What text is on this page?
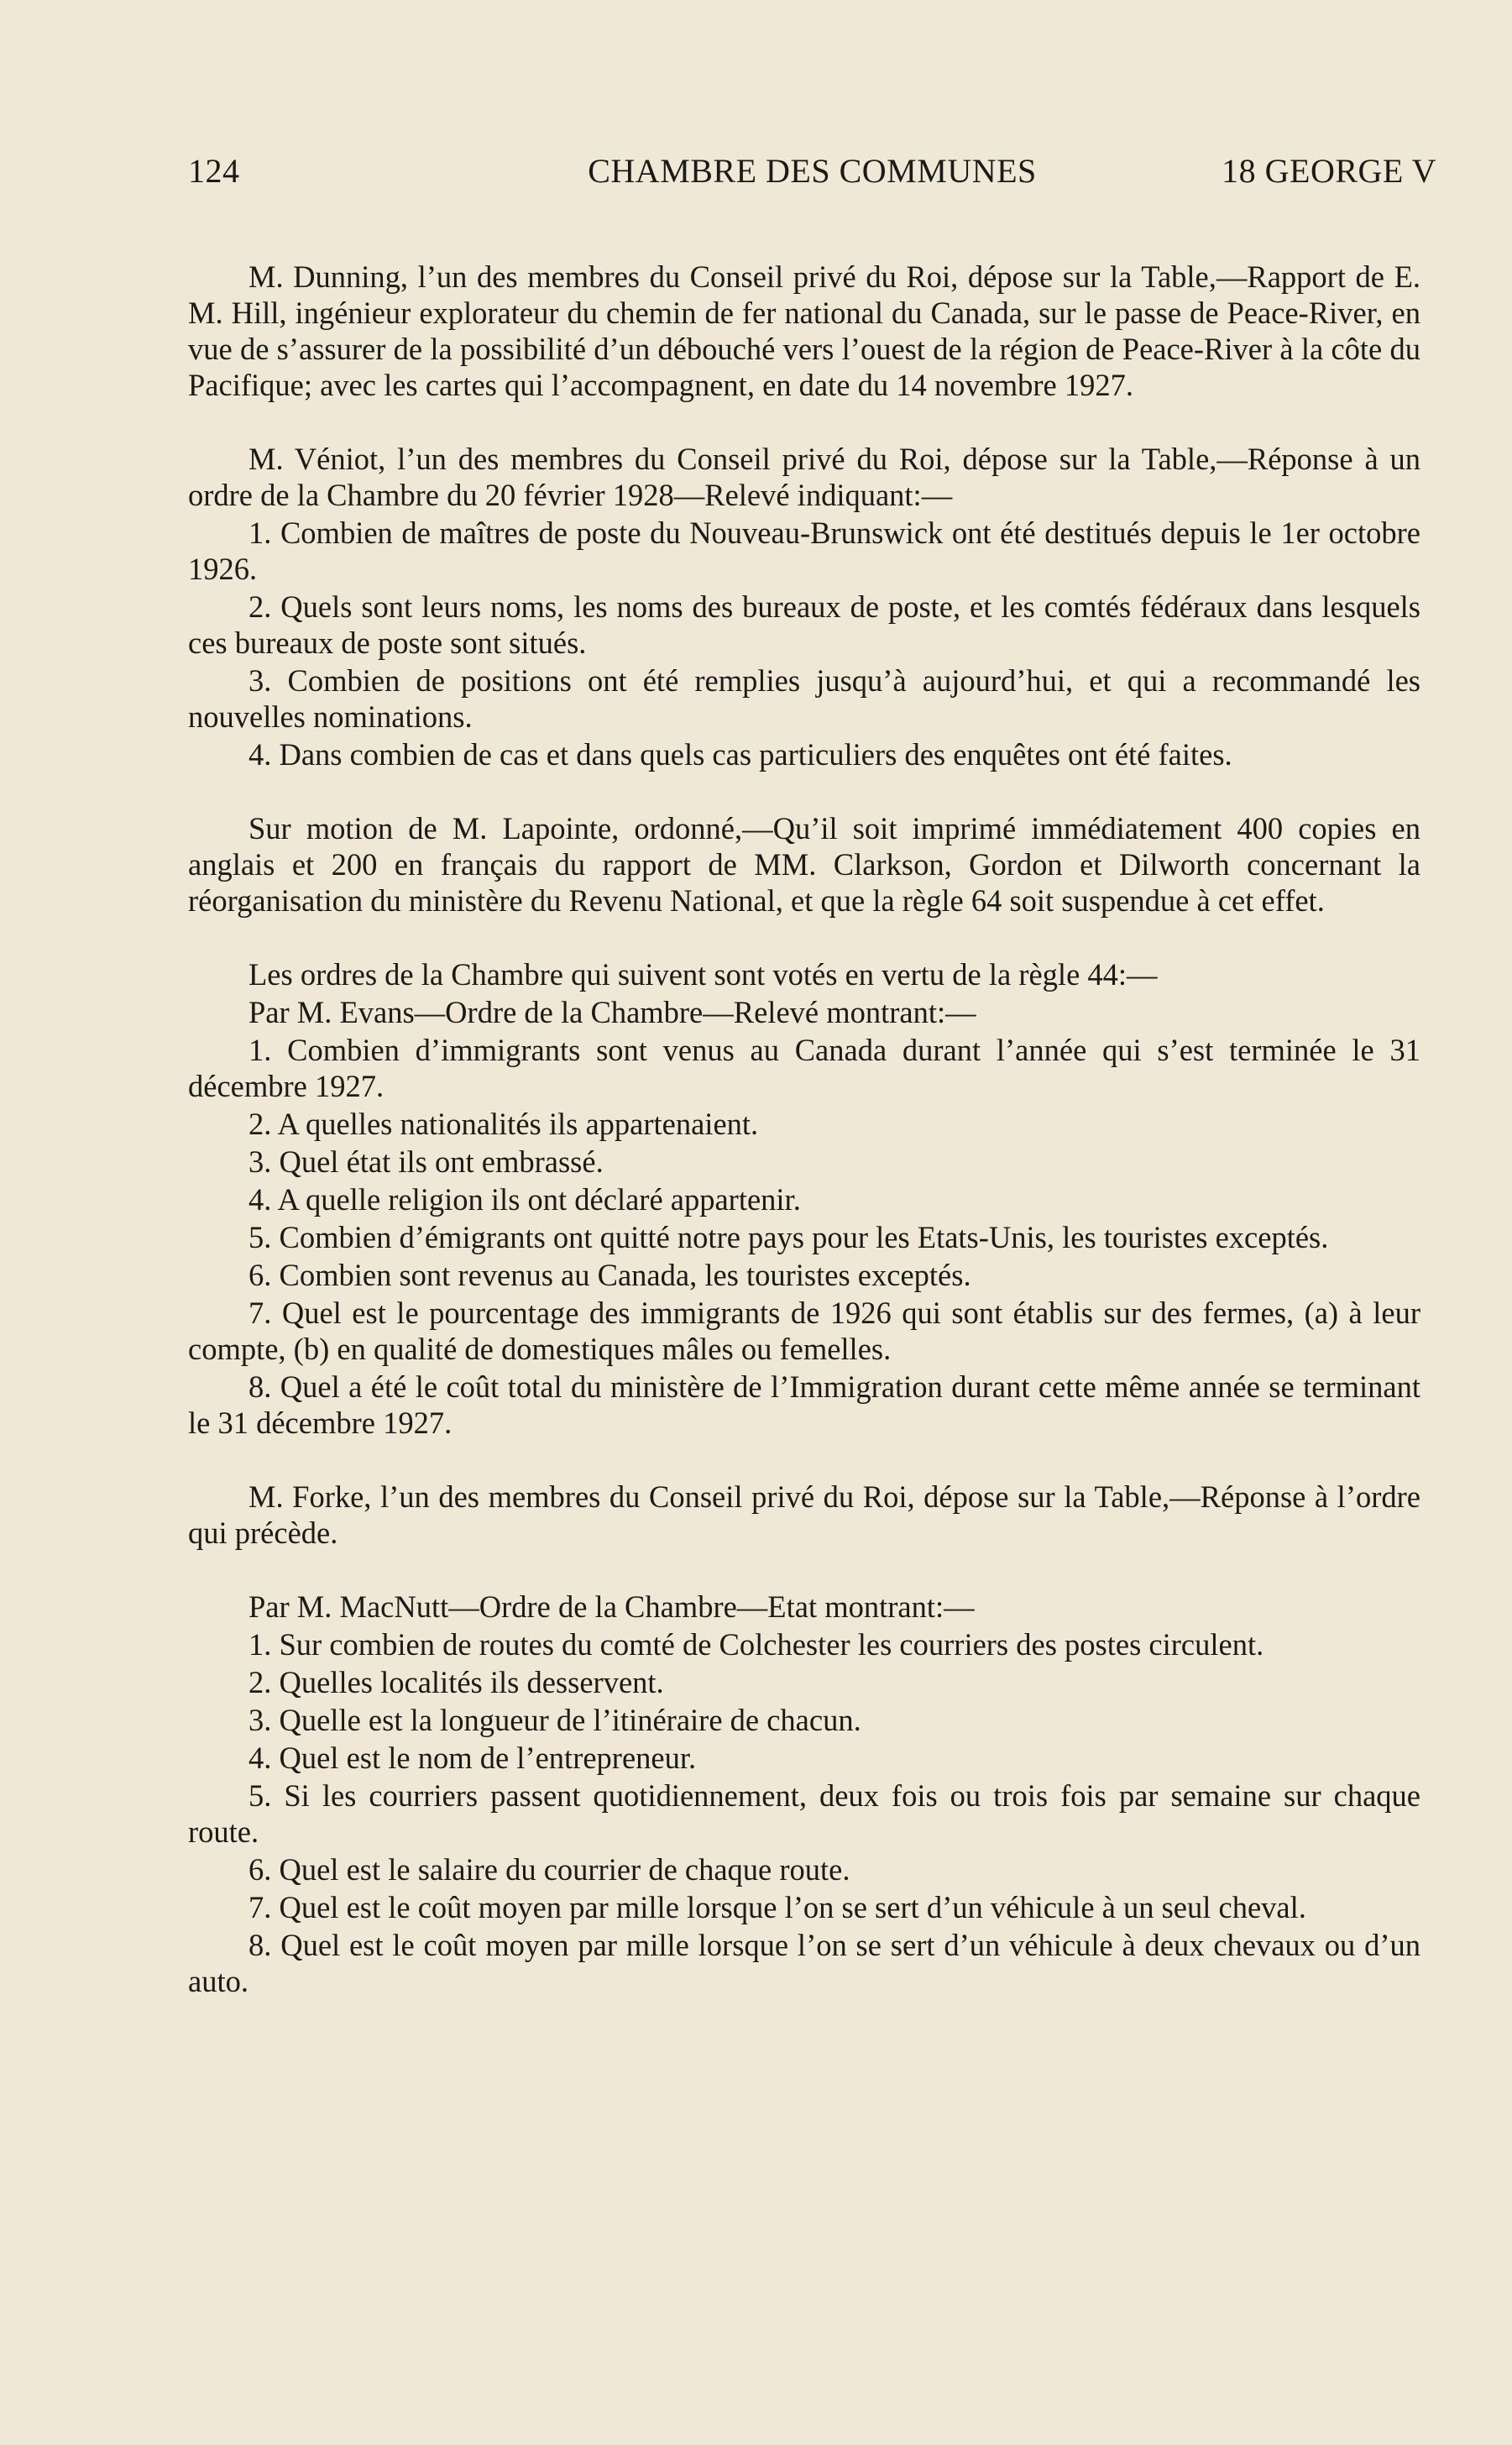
124	CHAMBRE DES COMMUNES	18 GEORGE V

M. Dunning, l’un des membres du Conseil privé du Roi, dépose sur la Table,—Rapport de E. M. Hill, ingénieur explorateur du chemin de fer national du Canada, sur le passe de Peace-River, en vue de s’assurer de la possibilité d’un débouché vers l’ouest de la région de Peace-River à la côte du Pacifique; avec les cartes qui l’accompagnent, en date du 14 novembre 1927.

M. Véniot, l’un des membres du Conseil privé du Roi, dépose sur la Table,—Réponse à un ordre de la Chambre du 20 février 1928—Relevé indiquant:—

1. Combien de maîtres de poste du Nouveau-Brunswick ont été destitués depuis le 1er octobre 1926.

2. Quels sont leurs noms, les noms des bureaux de poste, et les comtés fédéraux dans lesquels ces bureaux de poste sont situés.

3. Combien de positions ont été remplies jusqu’à aujourd’hui, et qui a recommandé les nouvelles nominations.

4. Dans combien de cas et dans quels cas particuliers des enquêtes ont été faites.

Sur motion de M. Lapointe, ordonné,—Qu’il soit imprimé immédiatement 400 copies en anglais et 200 en français du rapport de MM. Clarkson, Gordon et Dilworth concernant la réorganisation du ministère du Revenu National, et que la règle 64 soit suspendue à cet effet.

Les ordres de la Chambre qui suivent sont votés en vertu de la règle 44:—

Par M. Evans—Ordre de la Chambre—Relevé montrant:—

1. Combien d’immigrants sont venus au Canada durant l’année qui s’est terminée le 31 décembre 1927.

2. A quelles nationalités ils appartenaient.

3. Quel état ils ont embrassé.

4. A quelle religion ils ont déclaré appartenir.

5. Combien d’émigrants ont quitté notre pays pour les Etats-Unis, les touristes exceptés.

6. Combien sont revenus au Canada, les touristes exceptés.

7. Quel est le pourcentage des immigrants de 1926 qui sont établis sur des fermes, (a) à leur compte, (b) en qualité de domestiques mâles ou femelles.

8. Quel a été le coût total du ministère de l’Immigration durant cette même année se terminant le 31 décembre 1927.

M. Forke, l’un des membres du Conseil privé du Roi, dépose sur la Table,—Réponse à l’ordre qui précède.

Par M. MacNutt—Ordre de la Chambre—Etat montrant:—

1. Sur combien de routes du comté de Colchester les courriers des postes circulent.

2. Quelles localités ils desservent.

3. Quelle est la longueur de l’itinéraire de chacun.

4. Quel est le nom de l’entrepreneur.

5. Si les courriers passent quotidiennement, deux fois ou trois fois par semaine sur chaque route.

6. Quel est le salaire du courrier de chaque route.

7. Quel est le coût moyen par mille lorsque l’on se sert d’un véhicule à un seul cheval.

8. Quel est le coût moyen par mille lorsque l’on se sert d’un véhicule à deux chevaux ou d’un auto.
